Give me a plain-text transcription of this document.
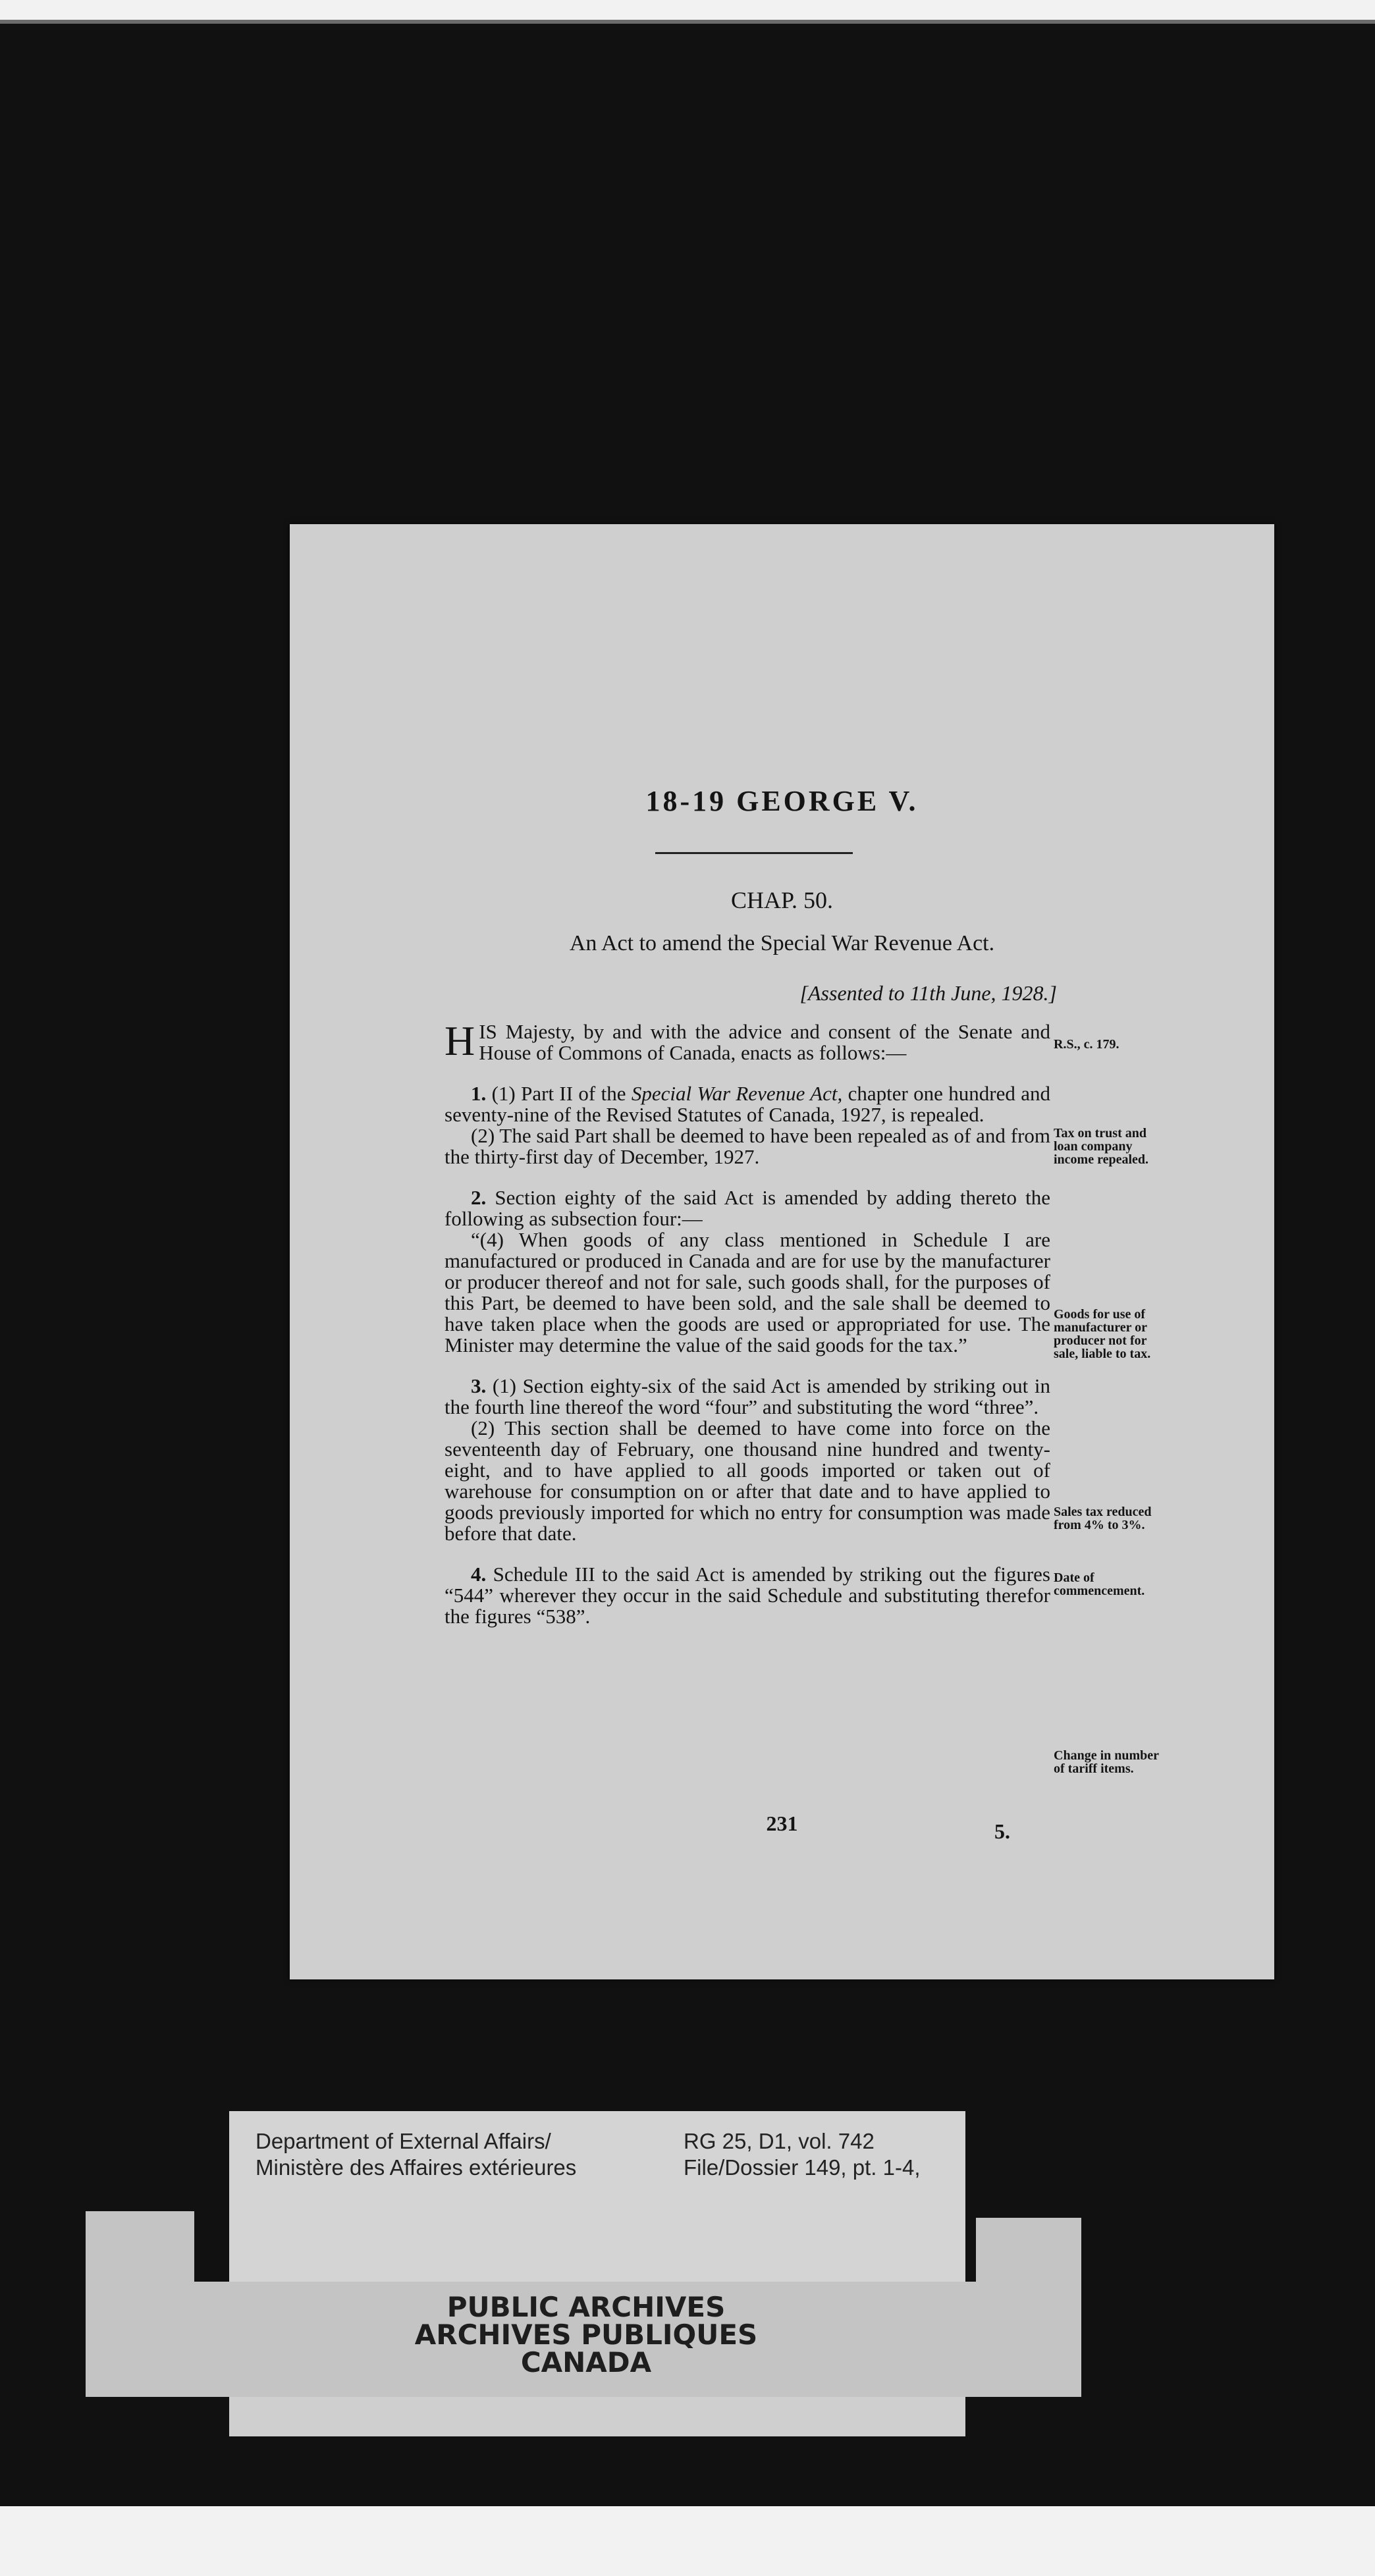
18-19 GEORGE V.
CHAP. 50.
An Act to amend the Special War Revenue Act.
[Assented to 11th June, 1928.]

HIS Majesty, by and with the advice and consent of the Senate and House of Commons of Canada, enacts as follows:—

1. (1) Part II of the Special War Revenue Act, chapter one hundred and seventy-nine of the Revised Statutes of Canada, 1927, is repealed.

(2) The said Part shall be deemed to have been repealed as of and from the thirty-first day of December, 1927.

2. Section eighty of the said Act is amended by adding thereto the following as subsection four:—

“(4) When goods of any class mentioned in Schedule I are manufactured or produced in Canada and are for use by the manufacturer or producer thereof and not for sale, such goods shall, for the purposes of this Part, be deemed to have been sold, and the sale shall be deemed to have taken place when the goods are used or appropriated for use. The Minister may determine the value of the said goods for the tax.”

3. (1) Section eighty-six of the said Act is amended by striking out in the fourth line thereof the word “four” and substituting the word “three”.

(2) This section shall be deemed to have come into force on the seventeenth day of February, one thousand nine hundred and twenty-eight, and to have applied to all goods imported or taken out of warehouse for consumption on or after that date and to have applied to goods previously imported for which no entry for consumption was made before that date.

4. Schedule III to the said Act is amended by striking out the figures “544” wherever they occur in the said Schedule and substituting therefor the figures “538”.

R.S., c. 179.
Tax on trust and loan company income repealed.
Goods for use of manufacturer or producer not for sale, liable to tax.
Sales tax reduced from 4% to 3%.
Date of commencement.
Change in number of tariff items.
231	5.
Department of External Affairs/
Ministère des Affaires extérieures
RG 25, D1, vol. 742
File/Dossier 149, pt. 1-4,
PUBLIC ARCHIVES
ARCHIVES PUBLIQUES
CANADA
